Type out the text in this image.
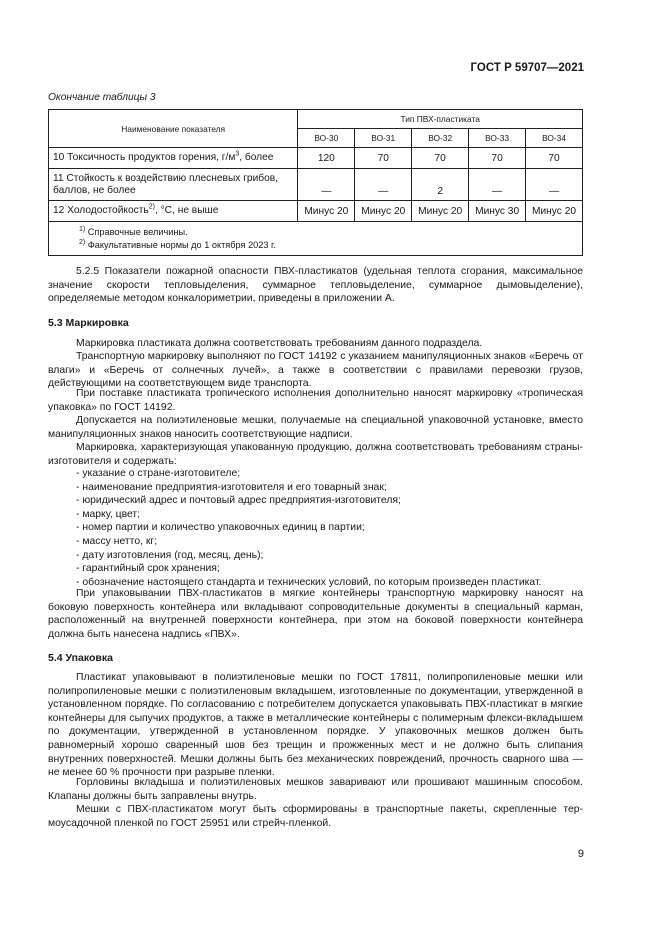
ГОСТ Р 59707—2021
Окончание таблицы 3
Наименование показателя	Тип ПВХ-пластиката				
	ВО-30	ВО-31	ВО-32	ВО-33	ВО-34
10 Токсичность продуктов горения, $г/м^3$, более	120	70	70	70	70
11 Стойкость к воздействию плесневых грибов, баллов, не более	—	—	2	—	—
12 Холодостойкость$^{2)}$, °С, не выше	Минус 20	Минус 20	Минус 20	Минус 30	Минус 20

$^{1)}$ Справочные величины.
$^{2)}$ Факультативные нормы до 1 октября 2023 г.					
5.2.5 Показатели пожарной опасности ПВХ-пластикатов (удельная теплота сгорания, максимальное значение скорости тепловыделения, суммарное тепловыделение, суммарное дымовыделение), определяемые методом конкалориметрии, приведены в приложении А.
5.3 Маркировка
Маркировка пластиката должна соответствовать требованиям данного подраздела.
Транспортную маркировку выполняют по ГОСТ 14192 с указанием манипуляционных знаков «Беречь от влаги» и «Беречь от солнечных лучей», а также в соответствии с правилами перевозки грузов, действующими на соответствующем виде транспорта.
При поставке пластиката тропического исполнения дополнительно наносят маркировку «тропическая упаковка» по ГОСТ 14192.
Допускается на полиэтиленовые мешки, получаемые на специальной упаковочной установке, вместо манипуляционных знаков наносить соответствующие надписи.
Маркировка, характеризующая упакованную продукцию, должна соответствовать требованиям страны-изготовителя и содержать:
- указание о стране-изготовителе;
- наименование предприятия-изготовителя и его товарный знак;
- юридический адрес и почтовый адрес предприятия-изготовителя;
- марку, цвет;
- номер партии и количество упаковочных единиц в партии;
- массу нетто, кг;
- дату изготовления (год, месяц, день);
- гарантийный срок хранения;
- обозначение настоящего стандарта и технических условий, по которым произведен пластикат.
При упаковывании ПВХ-пластикатов в мягкие контейнеры транспортную маркировку наносят на боковую поверхность контейнера или вкладывают сопроводительные документы в специальный карман, расположенный на внутренней поверхности контейнера, при этом на боковой поверхности контейнера должна быть нанесена надпись «ПВХ».
5.4 Упаковка
Пластикат упаковывают в полиэтиленовые мешки по ГОСТ 17811, полипропиленовые мешки или полипропиленовые мешки с полиэтиленовым вкладышем, изготовленные по документации, утвержденной в установленном порядке. По согласованию с потребителем допускается упаковывать ПВХ-пластикат в мягкие контейнеры для сыпучих продуктов, а также в металлические контейнеры с полимерным флекси-вкладышем по документации, утвержденной в установленном порядке. У упаковочных мешков должен быть равномерный хорошо сваренный шов без трещин и прожженных мест и не должно быть слипания внутренних поверхностей. Мешки должны быть без механических повреждений, прочность сварного шва — не менее 60 % прочности при разрыве пленки.
Горловины вкладыша и полиэтиленовых мешков заваривают или прошивают машинным способом. Клапаны должны быть заправлены внутрь.
Мешки с ПВХ-пластикатом могут быть сформированы в транспортные пакеты, скрепленные термоусадочной пленкой по ГОСТ 25951 или стрейч-пленкой.
9
